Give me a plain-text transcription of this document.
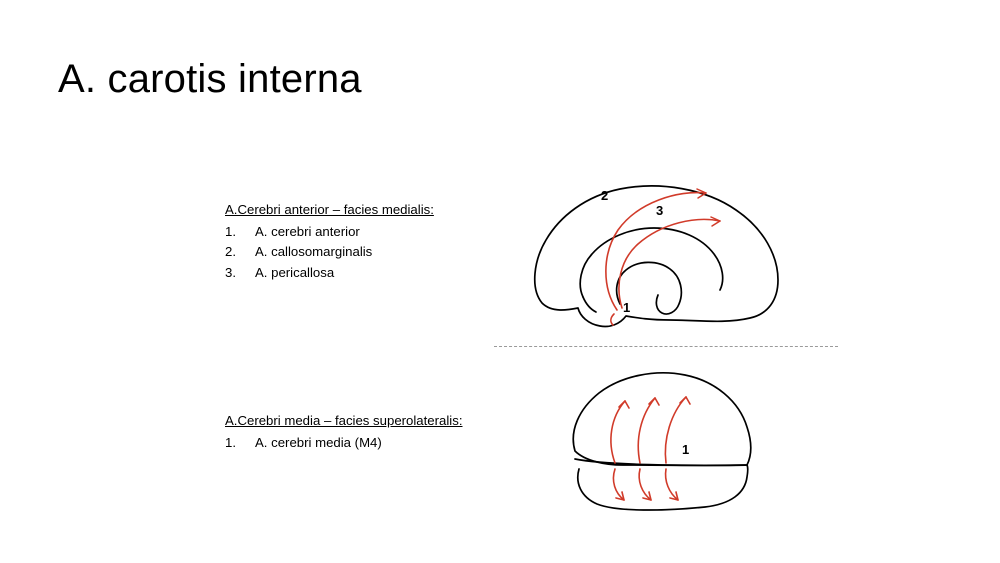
A. carotis interna
A.Cerebri anterior – facies medialis:
1. A. cerebri anterior
2. A. callosomarginalis
3. A. pericallosa
A.Cerebri media – facies superolateralis:
1. A. cerebri media (M4)
1
2
3
1
